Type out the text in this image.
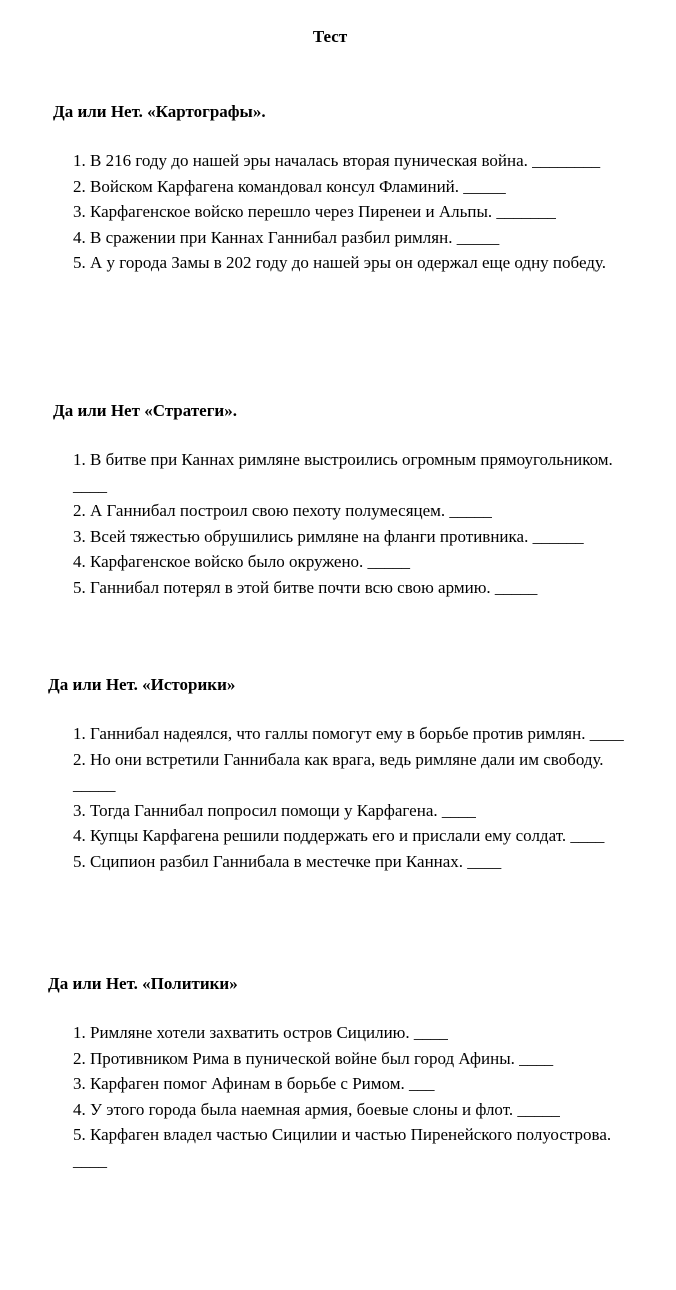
Тест
Да или Нет. «Картографы».
1. В 216 году до нашей эры началась вторая пуническая война. ________
2. Войском Карфагена командовал консул Фламиний. _____
3. Карфагенское войско перешло через Пиренеи и Альпы. _______
4. В сражении при Каннах Ганнибал разбил римлян. _____
5. А у города Замы в 202 году до нашей эры он одержал еще одну победу.
Да или Нет «Стратеги».
1. В битве при Каннах римляне выстроились огромным прямоугольником. ____
2. А Ганнибал построил свою пехоту полумесяцем. _____
3. Всей тяжестью обрушились римляне на фланги противника. ______
4. Карфагенское войско было окружено. _____
5. Ганнибал потерял в этой битве почти всю свою армию. _____
Да или Нет. «Историки»
1. Ганнибал надеялся, что галлы помогут ему в борьбе против римлян. ____
2. Но они встретили Ганнибала как врага, ведь римляне дали им свободу. _____
3. Тогда Ганнибал попросил помощи у Карфагена. ____
4. Купцы Карфагена решили поддержать его и прислали ему солдат. ____
5. Сципион разбил Ганнибала в местечке при Каннах. ____
Да или Нет. «Политики»
1. Римляне хотели захватить остров Сицилию. ____
2. Противником Рима в пунической войне был город Афины. ____
3. Карфаген помог Афинам в борьбе с Римом. ___
4. У этого города была наемная армия, боевые слоны и флот. _____
5. Карфаген владел частью Сицилии и частью Пиренейского полуострова. ____
